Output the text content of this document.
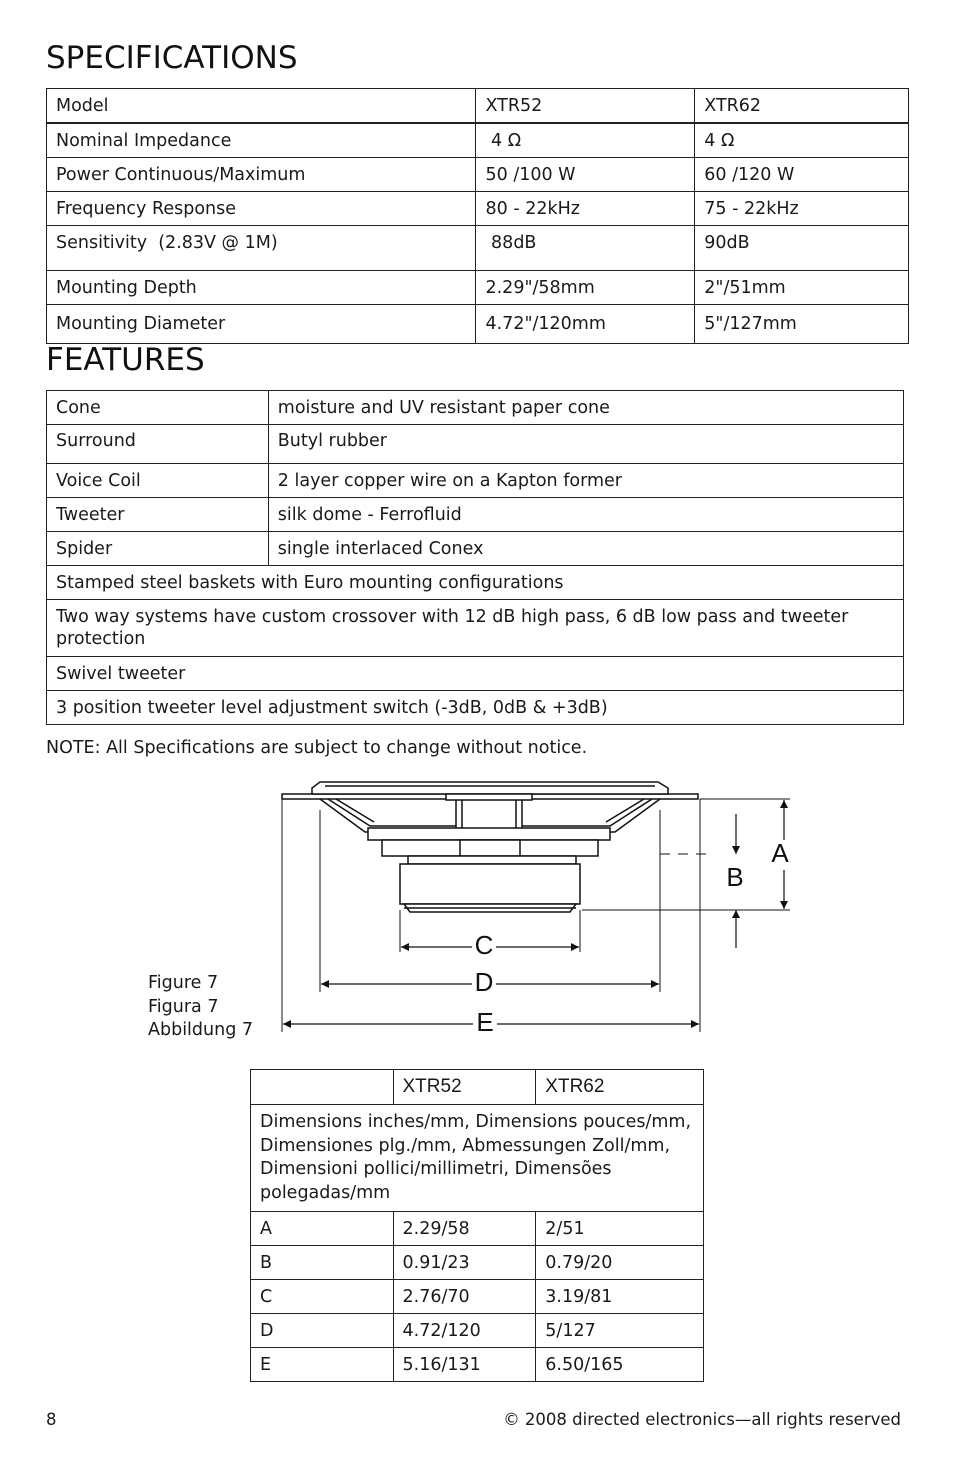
SPECIFICATIONS
Model	XTR52	XTR62
Nominal Impedance	4 Ω	4 Ω
Power Continuous/Maximum	50 /100 W	60 /120 W
Frequency Response	80 - 22kHz	75 - 22kHz
Sensitivity  (2.83V @ 1M)	88dB	90dB
Mounting Depth	2.29"/58mm	2"/51mm
Mounting Diameter	4.72"/120mm	5"/127mm
FEATURES
Cone	moisture and UV resistant paper cone
Surround	Butyl rubber
Voice Coil	2 layer copper wire on a Kapton former
Tweeter	silk dome - Ferrofluid
Spider	single interlaced Conex
Stamped steel baskets with Euro mounting configurations	
Two way systems have custom crossover with 12 dB high pass, 6 dB low pass and tweeter protection	
Swivel tweeter	
3 position tweeter level adjustment switch (-3dB, 0dB & +3dB)	
NOTE: All Specifications are subject to change without notice.
A
B
C
D
E
Figure 7
Figura 7
Abbildung 7
	XTR52	XTR62
Dimensions inches/mm, Dimensions pouces/mm, Dimensiones plg./mm, Abmessungen Zoll/mm, Dimensioni pollici/millimetri, Dimensões polegadas/mm		
A	2.29/58	2/51
B	0.91/23	0.79/20
C	2.76/70	3.19/81
D	4.72/120	5/127
E	5.16/131	6.50/165
8	© 2008 directed electronics—all rights reserved
